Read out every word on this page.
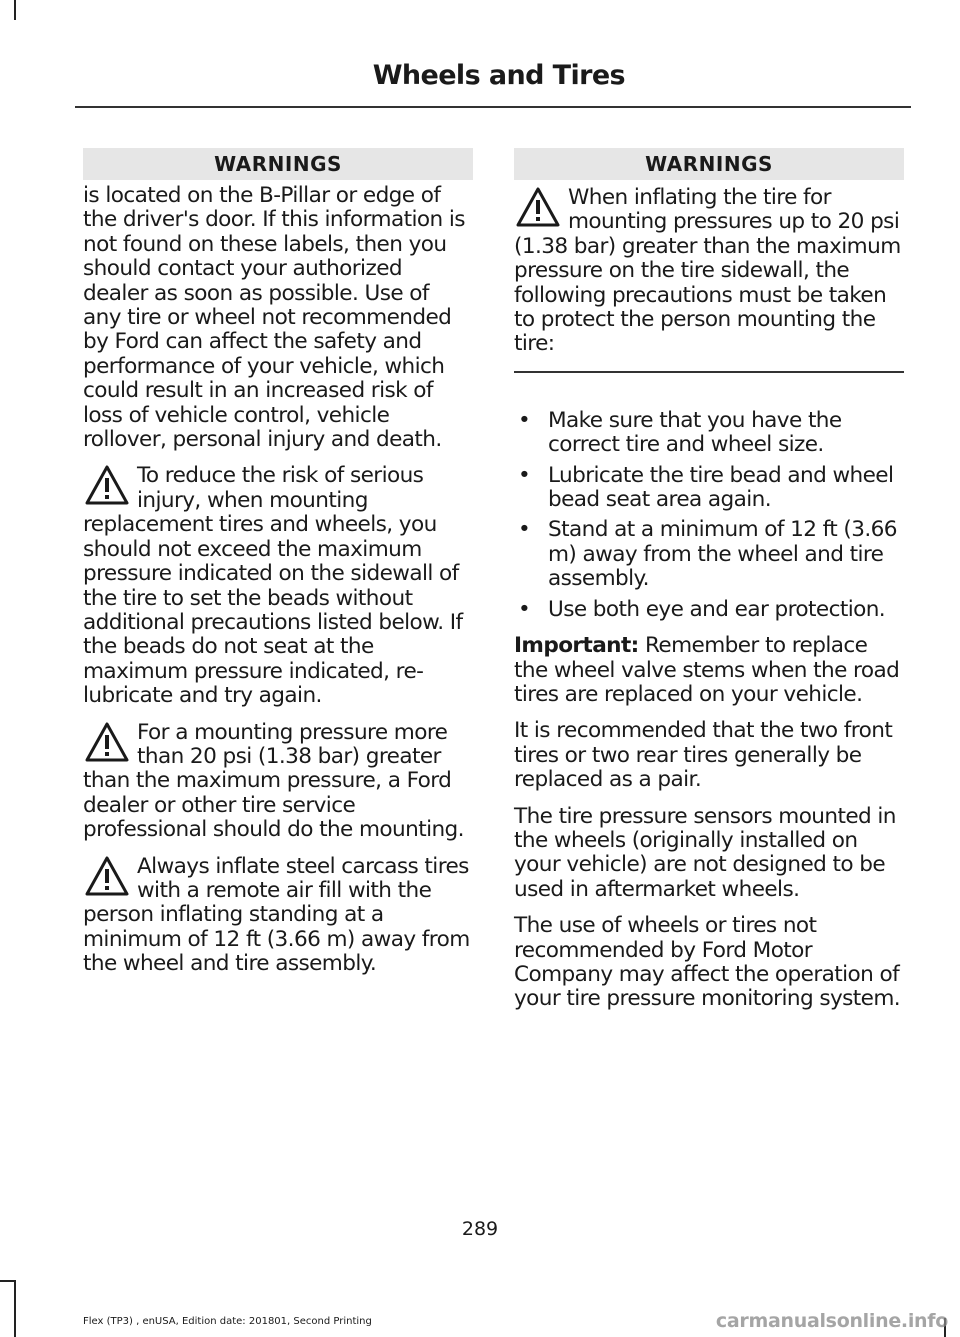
Wheels and Tires
WARNINGS

is located on the B-Pillar or edge of the driver's door. If this information is not found on these labels, then you should contact your authorized dealer as soon as possible. Use of any tire or wheel not recommended by Ford can affect the safety and performance of your vehicle, which could result in an increased risk of loss of vehicle control, vehicle rollover, personal injury and death.

To reduce the risk of serious injury, when mounting replacement tires and wheels, you should not exceed the maximum pressure indicated on the sidewall of the tire to set the beads without additional precautions listed below. If the beads do not seat at the maximum pressure indicated, re-lubricate and try again.

For a mounting pressure more than 20 psi (1.38 bar) greater than the maximum pressure, a Ford dealer or other tire service professional should do the mounting.

Always inflate steel carcass tires with a remote air fill with the person inflating standing at a minimum of 12 ft (3.66 m) away from the wheel and tire assembly.

WARNINGS

When inflating the tire for mounting pressures up to 20 psi (1.38 bar) greater than the maximum pressure on the tire sidewall, the following precautions must be taken to protect the person mounting the tire:

• Make sure that you have the correct tire and wheel size.
• Lubricate the tire bead and wheel bead seat area again.
• Stand at a minimum of 12 ft (3.66 m) away from the wheel and tire assembly.
• Use both eye and ear protection.

Important: Remember to replace the wheel valve stems when the road tires are replaced on your vehicle.

It is recommended that the two front tires or two rear tires generally be replaced as a pair.

The tire pressure sensors mounted in the wheels (originally installed on your vehicle) are not designed to be used in aftermarket wheels.

The use of wheels or tires not recommended by Ford Motor Company may affect the operation of your tire pressure monitoring system.

289
Flex (TP3) , enUSA, Edition date: 201801, Second Printing	carmanualsonline.info
